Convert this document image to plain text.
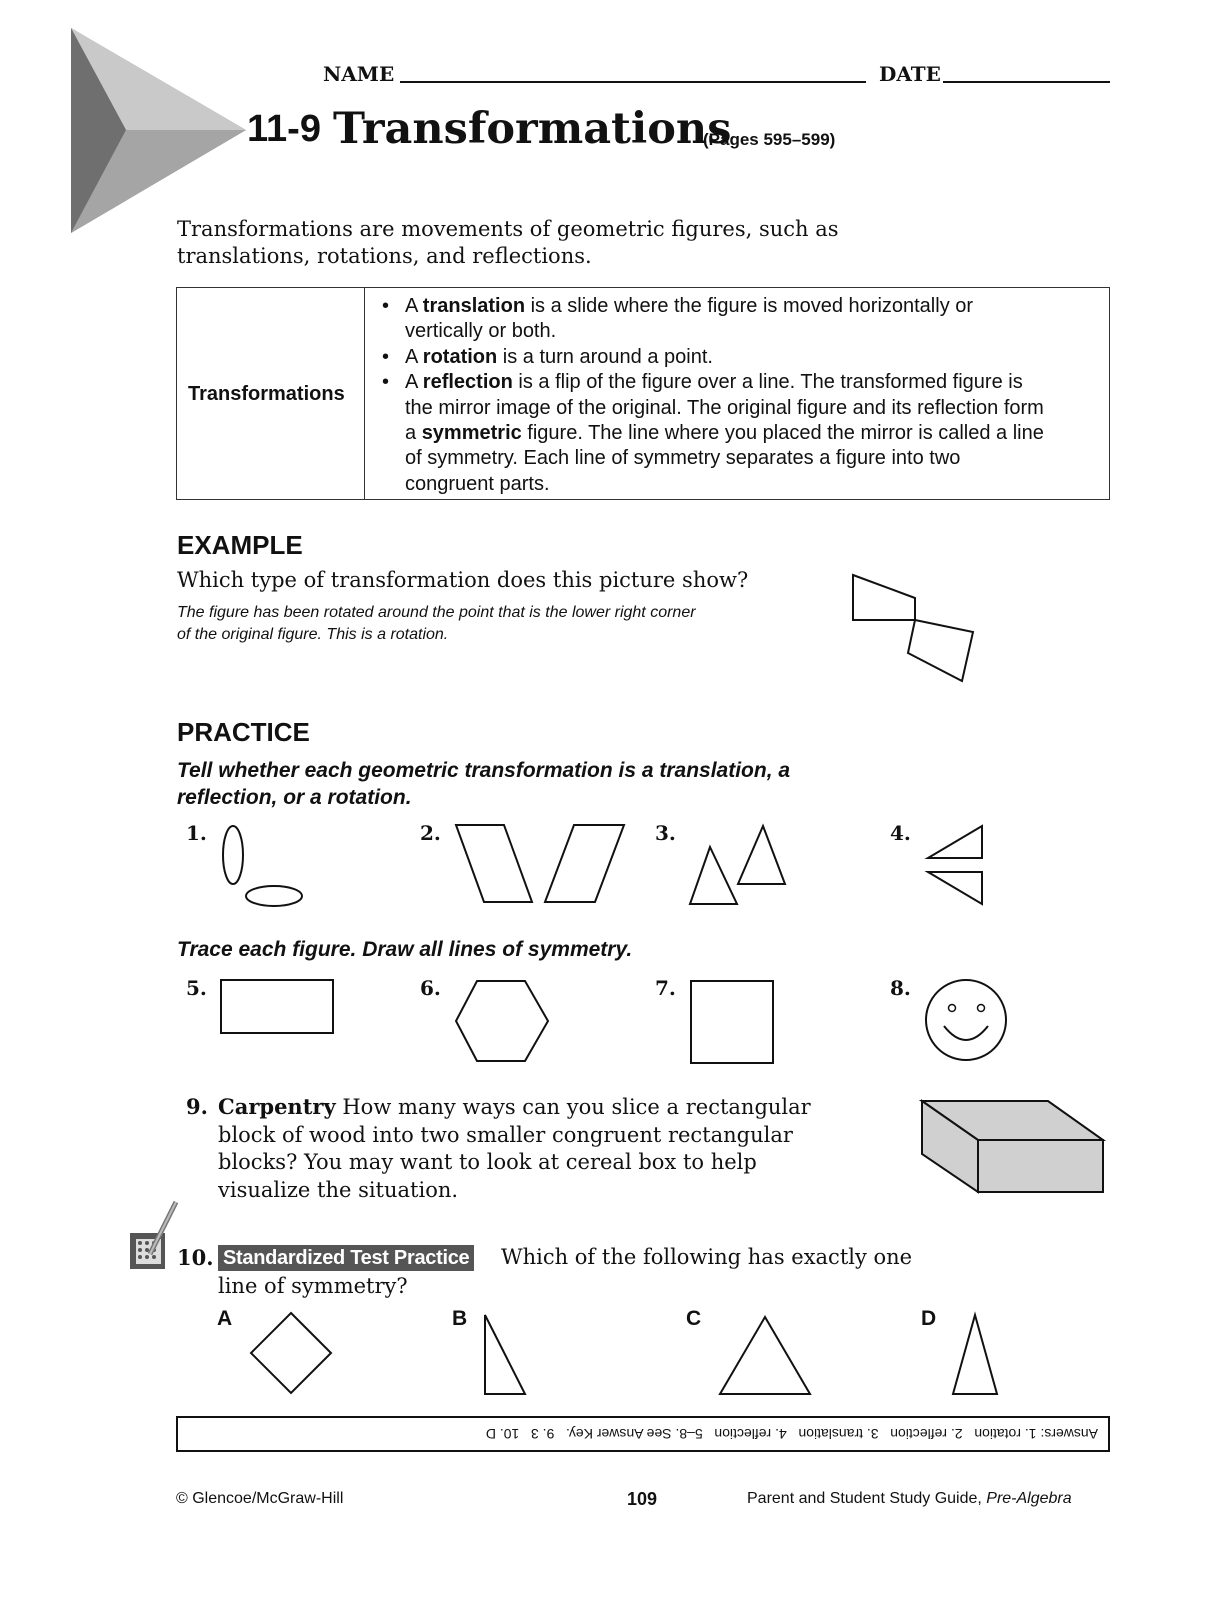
NAME	DATE
11-9 Transformations
(Pages 595–599)
Transformations are movements of geometric figures, such as
translations, rotations, and reflections.
Transformations
• A translation is a slide where the figure is moved horizontally or
vertically or both.
• A rotation is a turn around a point.
• A reflection is a flip of the figure over a line. The transformed figure is
the mirror image of the original. The original figure and its reflection form
a symmetric figure. The line where you placed the mirror is called a line
of symmetry. Each line of symmetry separates a figure into two
congruent parts.
EXAMPLE
Which type of transformation does this picture show?
The figure has been rotated around the point that is the lower right corner
of the original figure. This is a rotation.
PRACTICE
Tell whether each geometric transformation is a translation, a
reflection, or a rotation.
1.	2.	3.	4.
Trace each figure. Draw all lines of symmetry.
5.	6.	7.	8.
9. Carpentry How many ways can you slice a rectangular
block of wood into two smaller congruent rectangular
blocks? You may want to look at cereal box to help
visualize the situation.
10. Standardized Test Practice Which of the following has exactly one
line of symmetry?
A	B	C	D
Answers: 1. rotation   2. reflection   3. translation   4. reflection   5–8. See Answer Key.   9. 3   10. D
© Glencoe/McGraw-Hill	109	Parent and Student Study Guide, Pre-Algebra
